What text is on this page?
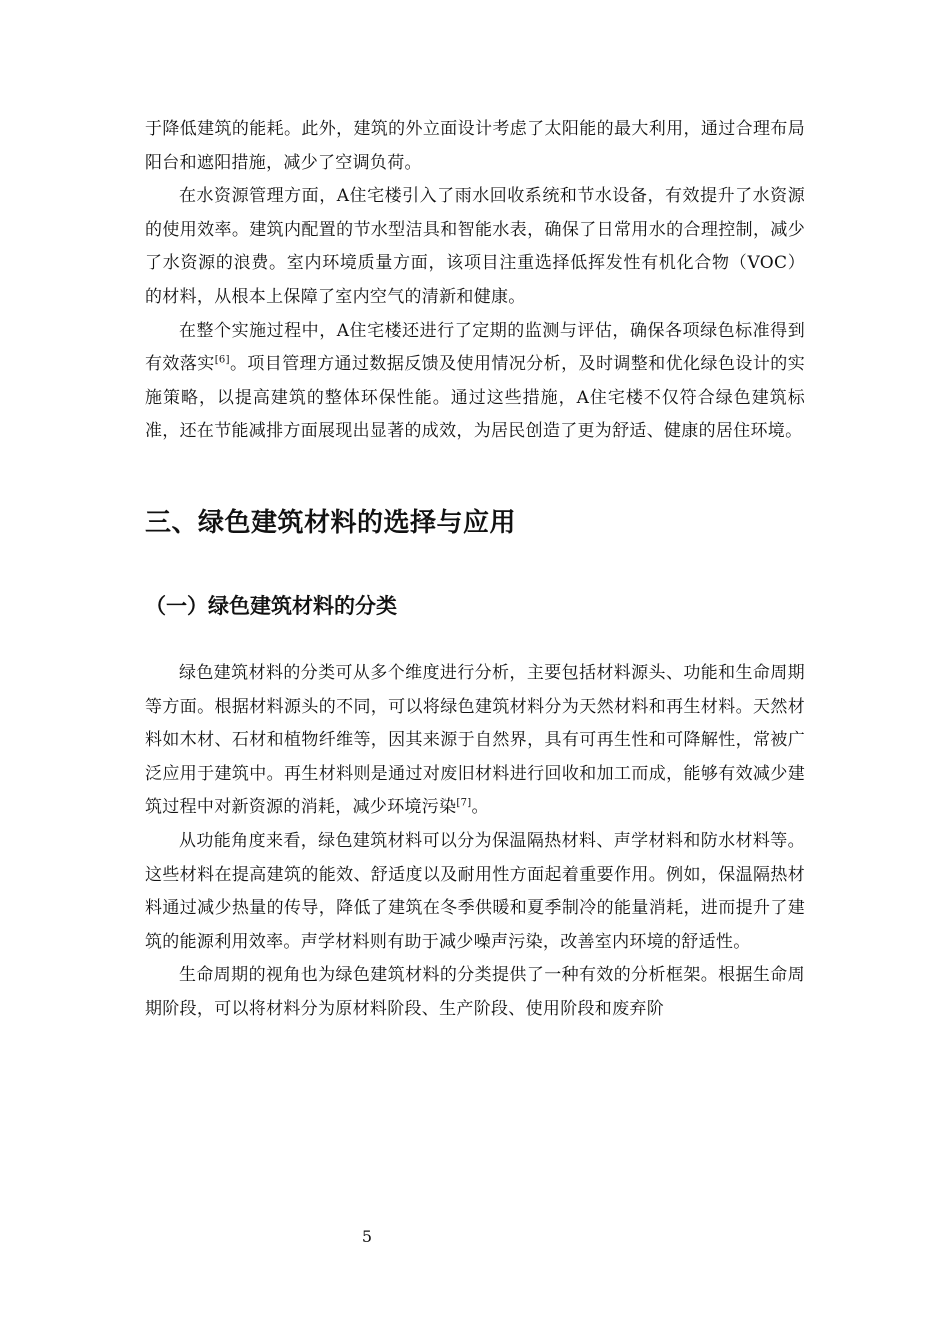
于降低建筑的能耗。此外，建筑的外立面设计考虑了太阳能的最大利用，通过合理布局阳台和遮阳措施，减少了空调负荷。

在水资源管理方面，A住宅楼引入了雨水回收系统和节水设备，有效提升了水资源的使用效率。建筑内配置的节水型洁具和智能水表，确保了日常用水的合理控制，减少了水资源的浪费。室内环境质量方面，该项目注重选择低挥发性有机化合物（VOC）的材料，从根本上保障了室内空气的清新和健康。

在整个实施过程中，A住宅楼还进行了定期的监测与评估，确保各项绿色标准得到有效落实[6]。项目管理方通过数据反馈及使用情况分析，及时调整和优化绿色设计的实施策略，以提高建筑的整体环保性能。通过这些措施，A住宅楼不仅符合绿色建筑标准，还在节能减排方面展现出显著的成效，为居民创造了更为舒适、健康的居住环境。

三、绿色建筑材料的选择与应用
（一）绿色建筑材料的分类

绿色建筑材料的分类可从多个维度进行分析，主要包括材料源头、功能和生命周期等方面。根据材料源头的不同，可以将绿色建筑材料分为天然材料和再生材料。天然材料如木材、石材和植物纤维等，因其来源于自然界，具有可再生性和可降解性，常被广泛应用于建筑中。再生材料则是通过对废旧材料进行回收和加工而成，能够有效减少建筑过程中对新资源的消耗，减少环境污染[7]。

从功能角度来看，绿色建筑材料可以分为保温隔热材料、声学材料和防水材料等。这些材料在提高建筑的能效、舒适度以及耐用性方面起着重要作用。例如，保温隔热材料通过减少热量的传导，降低了建筑在冬季供暖和夏季制冷的能量消耗，进而提升了建筑的能源利用效率。声学材料则有助于减少噪声污染，改善室内环境的舒适性。

生命周期的视角也为绿色建筑材料的分类提供了一种有效的分析框架。根据生命周期阶段，可以将材料分为原材料阶段、生产阶段、使用阶段和废弃阶

5
